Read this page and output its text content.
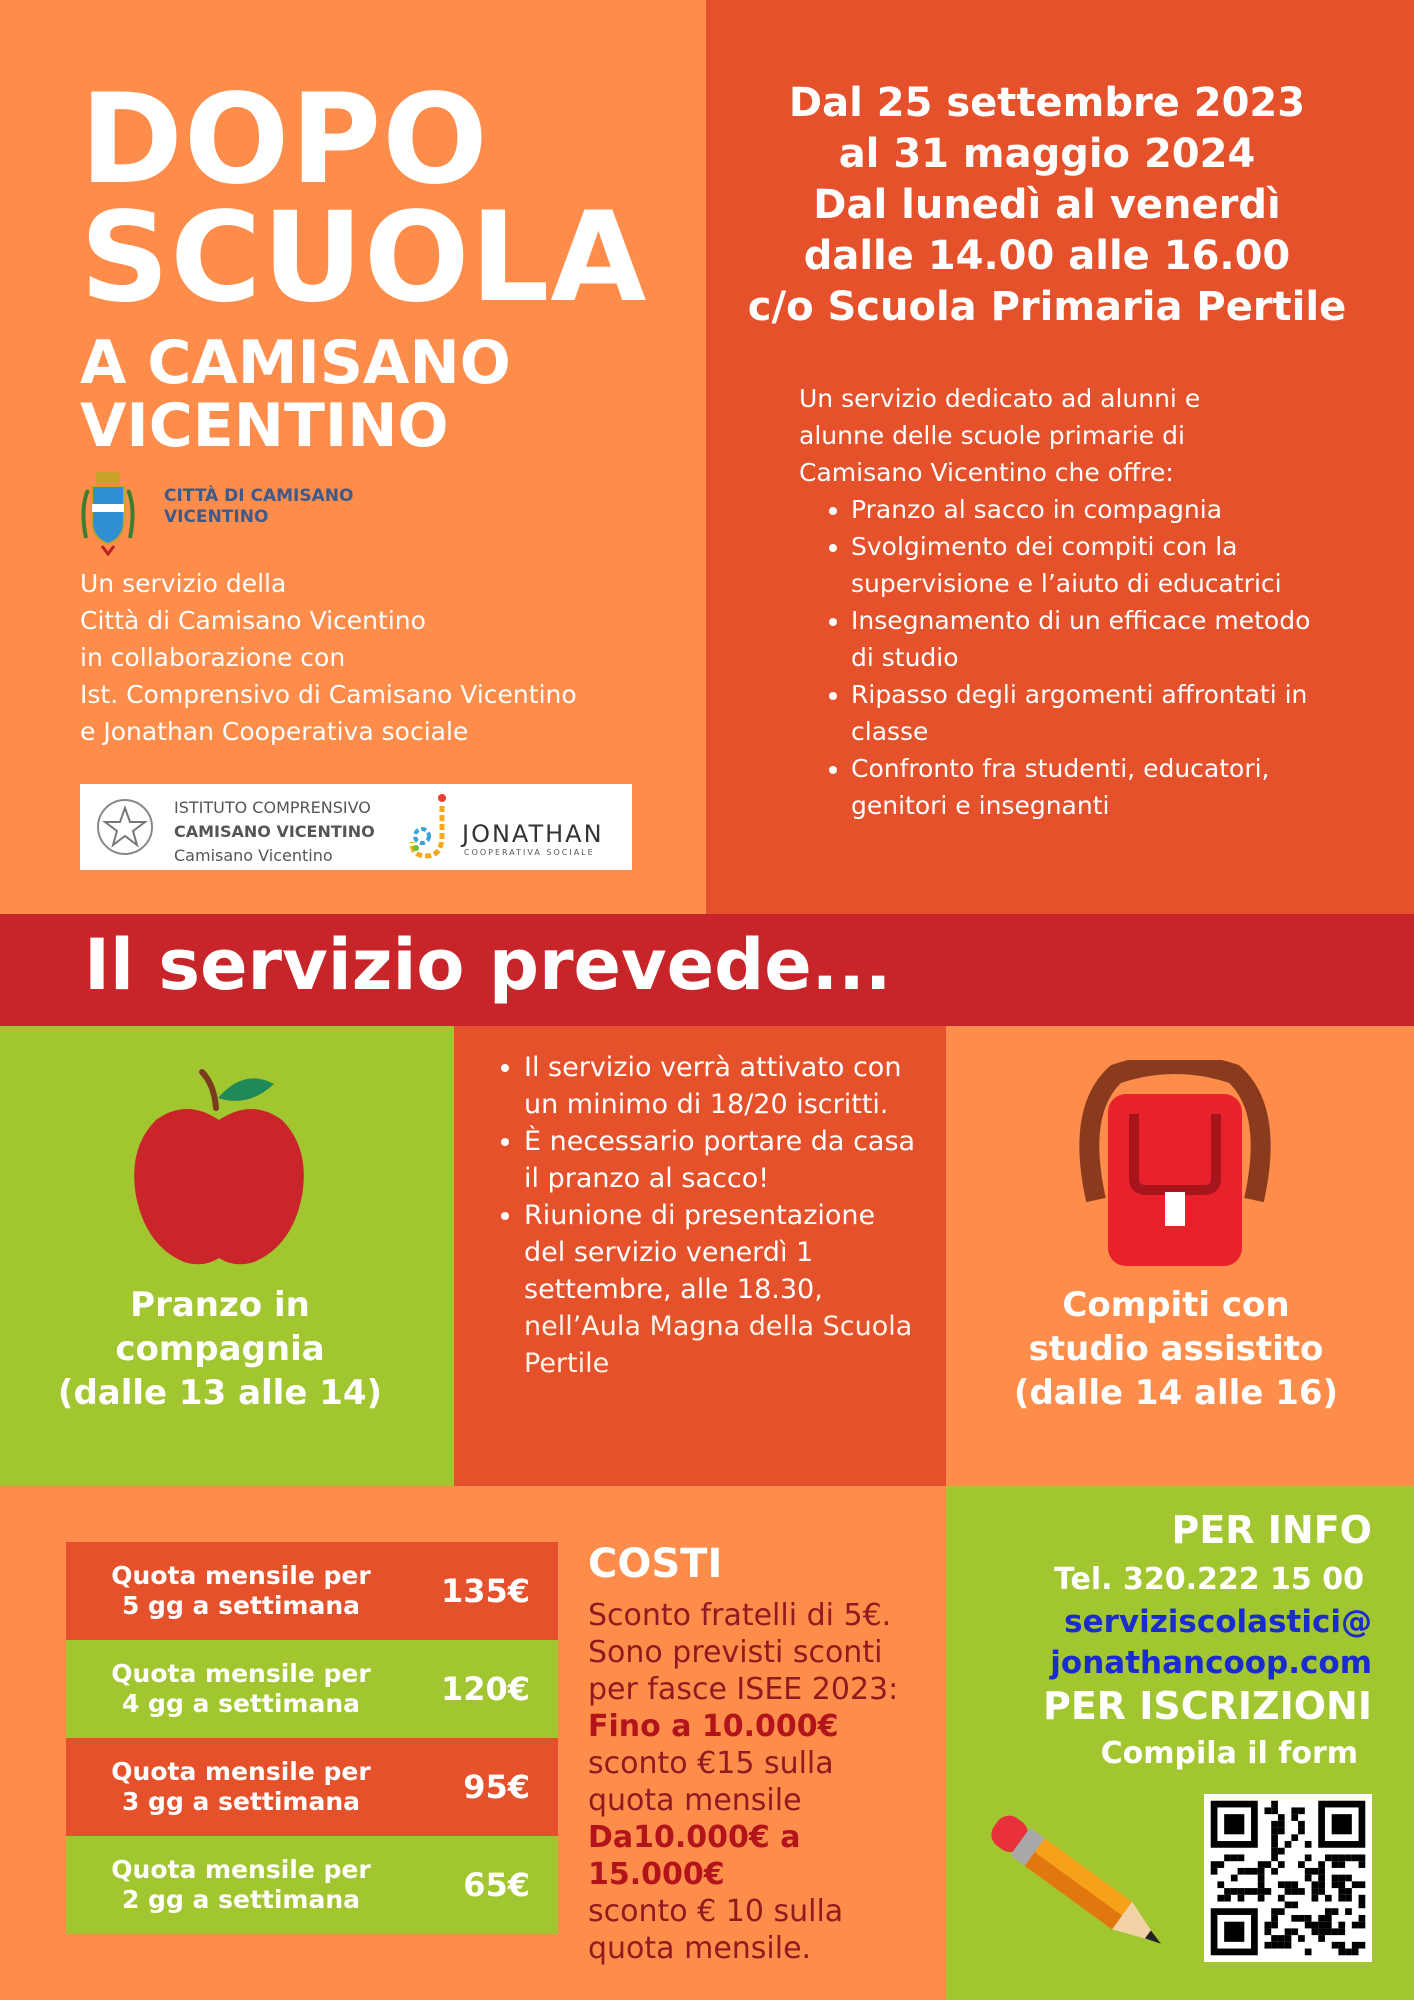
DOPO
SCUOLA
A CAMISANO
VICENTINO
CITTÀ DI CAMISANO
VICENTINO
Un servizio della
Città di Camisano Vicentino
in collaborazione con
Ist. Comprensivo di Camisano Vicentino
e Jonathan Cooperativa sociale
ISTITUTO COMPRENSIVO
CAMISANO VICENTINO
Camisano Vicentino
JONATHAN
COOPERATIVA SOCIALE
Dal 25 settembre 2023
al 31 maggio 2024
Dal lunedì al venerdì
dalle 14.00 alle 16.00
c/o Scuola Primaria Pertile
Un servizio dedicato ad alunni e
alunne delle scuole primarie di
Camisano Vicentino che offre:
• Pranzo al sacco in compagnia
• Svolgimento dei compiti con la supervisione e l’aiuto di educatrici
• Insegnamento di un efficace metodo di studio
• Ripasso degli argomenti affrontati in classe
• Confronto fra studenti, educatori, genitori e insegnanti
Il servizio prevede...
Pranzo in
compagnia
(dalle 13 alle 14)
• Il servizio verrà attivato con un minimo di 18/20 iscritti.
• È necessario portare da casa il pranzo al sacco!
• Riunione di presentazione del servizio venerdì 1 settembre, alle 18.30, nell’Aula Magna della Scuola Pertile
Compiti con
studio assistito
(dalle 14 alle 16)
Quota mensile per
5 gg a settimana	135€
Quota mensile per
4 gg a settimana	120€
Quota mensile per
3 gg a settimana	95€
Quota mensile per
2 gg a settimana	65€
COSTI
Sconto fratelli di 5€.
Sono previsti sconti
per fasce ISEE 2023:
Fino a 10.000€
sconto €15 sulla
quota mensile
Da10.000€ a 15.000€
sconto € 10 sulla
quota mensile.
PER INFO
Tel. 320.222 15 00
serviziscolastici@
jonathancoop.com
PER ISCRIZIONI
Compila il form
